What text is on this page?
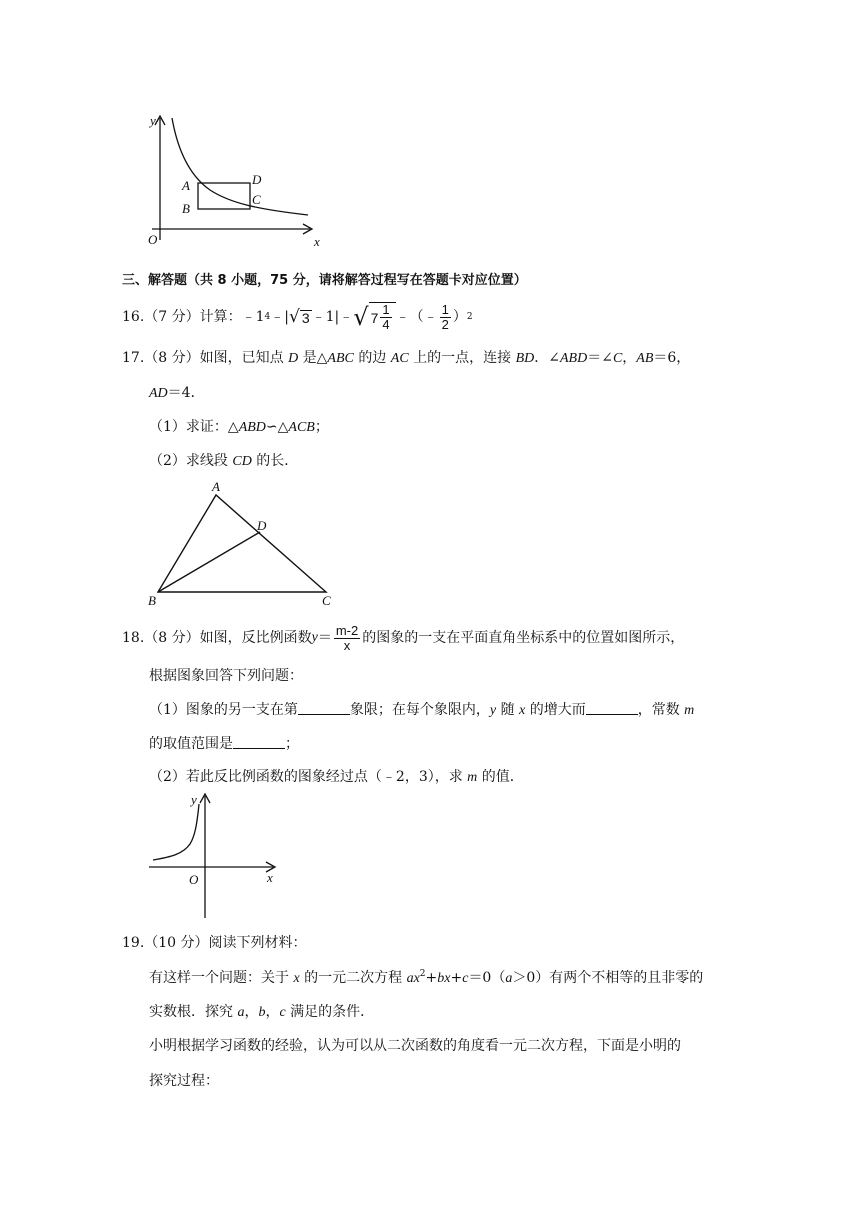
y
x
O
A
B
D
C
三、解答题（共 8 小题，75 分，请将解答过程写在答题卡对应位置）
16.（7 分）计算： ﹣1 4 ﹣| √ 3 ﹣1|﹣ √ $7 \frac{1}{4}$ ﹣（﹣ $\frac{1}{2}$ ） 2
17.（8 分）如图，已知点 D 是△ABC 的边 AC 上的一点，连接 BD．∠ABD＝∠C，AB＝6，
AD＝4．
（1）求证：△ABD∽△ACB；
（2）求线段 CD 的长．
A
B	C
D
18.（8 分）如图，反比例函数 $y = \frac{m-2}{x}$ 的图象的一支在平面直角坐标系中的位置如图所示，
根据图象回答下列问题：
（1）图象的另一支在第	象限；在每个象限内，y 随 x 的增大而	，常数 m
的取值范围是	；
（2）若此反比例函数的图象经过点（﹣2，3），求 m 的值．
y
x
O
19.（10 分）阅读下列材料：
有这样一个问题：关于 x 的一元二次方程 $ax^2+bx+c=0(a>0)$有两个不相等的且非零的
实数根．探究 a，b，c 满足的条件．
小明根据学习函数的经验，认为可以从二次函数的角度看一元二次方程，下面是小明的
探究过程：
